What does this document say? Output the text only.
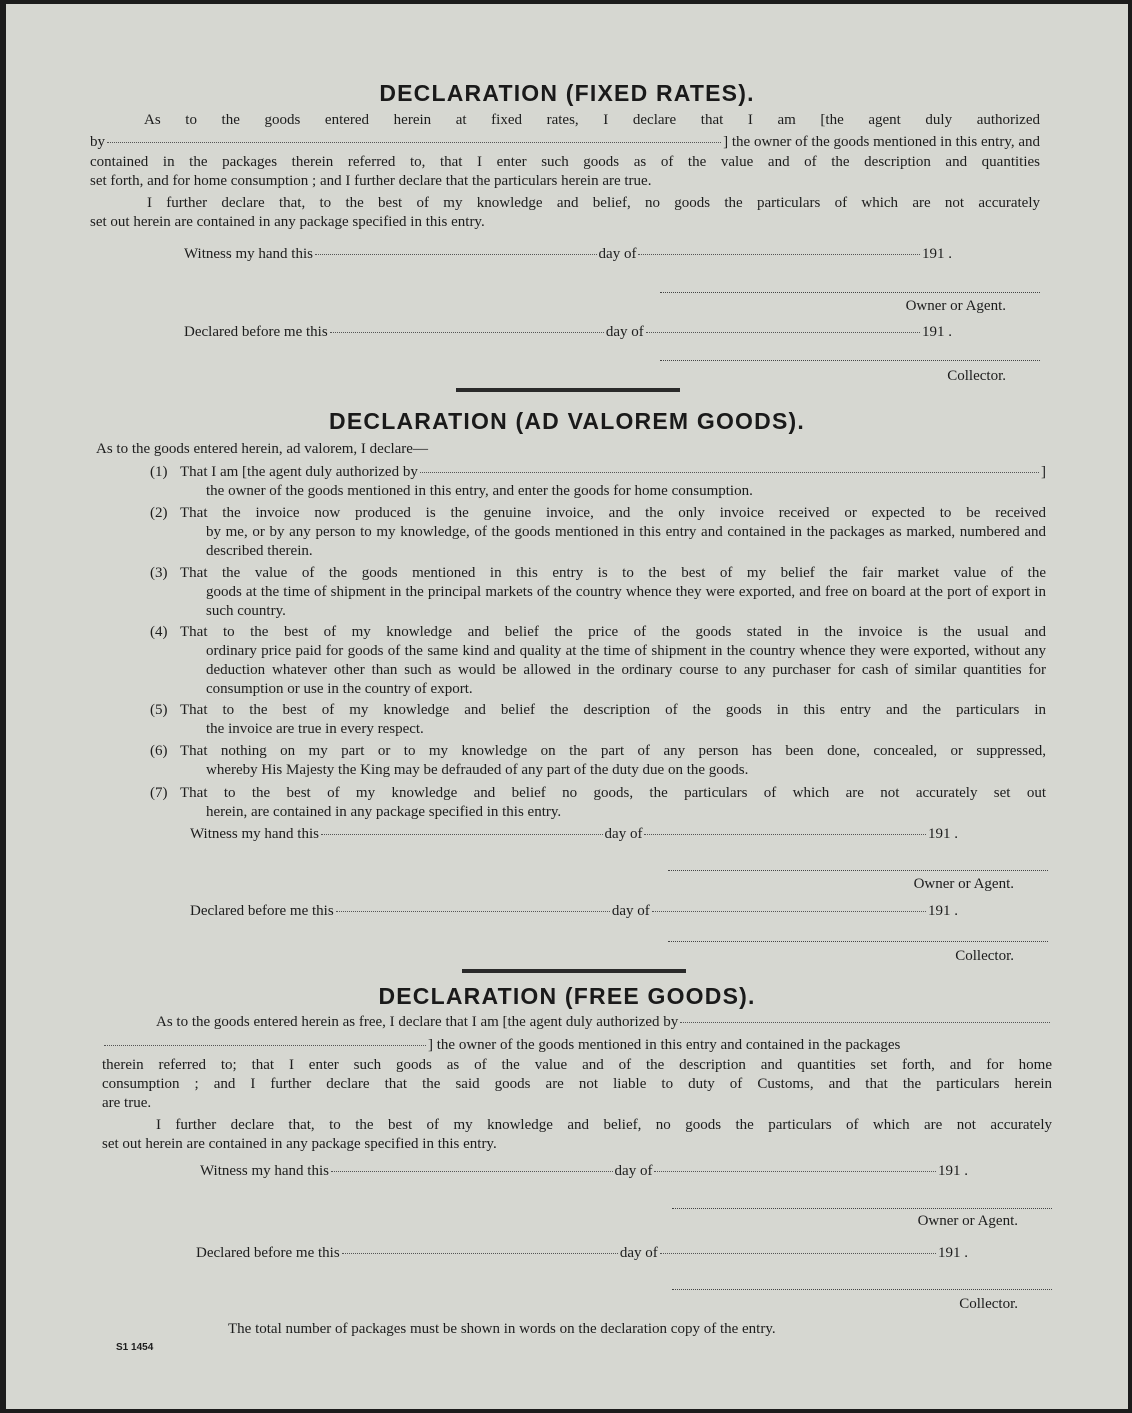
DECLARATION (FIXED RATES).
As to the goods entered herein at fixed rates, I declare that I am [the agent duly authorized
by	] the owner of the goods mentioned in this entry, and
contained in the packages therein referred to, that I enter such goods as of the value and of the description and quantities
set forth, and for home consumption ; and I further declare that the particulars herein are true.
I further declare that, to the best of my knowledge and belief, no goods the particulars of which are not accurately
set out herein are contained in any package specified in this entry.
Witness my hand this	day of	191 .
Owner or Agent.
Declared before me this	day of	191 .
Collector.
DECLARATION (AD VALOREM GOODS).
As to the goods entered herein, ad valorem, I declare—
(1) That I am [the agent duly authorized by	]
the owner of the goods mentioned in this entry, and enter the goods for home consumption.
(2) That the invoice now produced is the genuine invoice, and the only invoice received or expected to be received
by me, or by any person to my knowledge, of the goods mentioned in this entry and contained in the packages as marked, numbered and described therein.
(3) That the value of the goods mentioned in this entry is to the best of my belief the fair market value of the
goods at the time of shipment in the principal markets of the country whence they were exported, and free on board at the port of export in such country.
(4) That to the best of my knowledge and belief the price of the goods stated in the invoice is the usual and
ordinary price paid for goods of the same kind and quality at the time of shipment in the country whence they were exported, without any deduction whatever other than such as would be allowed in the ordinary course to any purchaser for cash of similar quantities for consumption or use in the country of export.
(5) That to the best of my knowledge and belief the description of the goods in this entry and the particulars in
the invoice are true in every respect.
(6) That nothing on my part or to my knowledge on the part of any person has been done, concealed, or suppressed,
whereby His Majesty the King may be defrauded of any part of the duty due on the goods.
(7) That to the best of my knowledge and belief no goods, the particulars of which are not accurately set out
herein, are contained in any package specified in this entry.
Witness my hand this	day of	191 .
Owner or Agent.
Declared before me this	day of	191 .
Collector.
DECLARATION (FREE GOODS).
As to the goods entered herein as free, I declare that I am [the agent duly authorized by
] the owner of the goods mentioned in this entry and contained in the packages
therein referred to; that I enter such goods as of the value and of the description and quantities set forth, and for home
consumption ; and I further declare that the said goods are not liable to duty of Customs, and that the particulars herein
are true.
I further declare that, to the best of my knowledge and belief, no goods the particulars of which are not accurately
set out herein are contained in any package specified in this entry.
Witness my hand this	day of	191 .
Owner or Agent.
Declared before me this	day of	191 .
Collector.
The total number of packages must be shown in words on the declaration copy of the entry.
S1 1454
